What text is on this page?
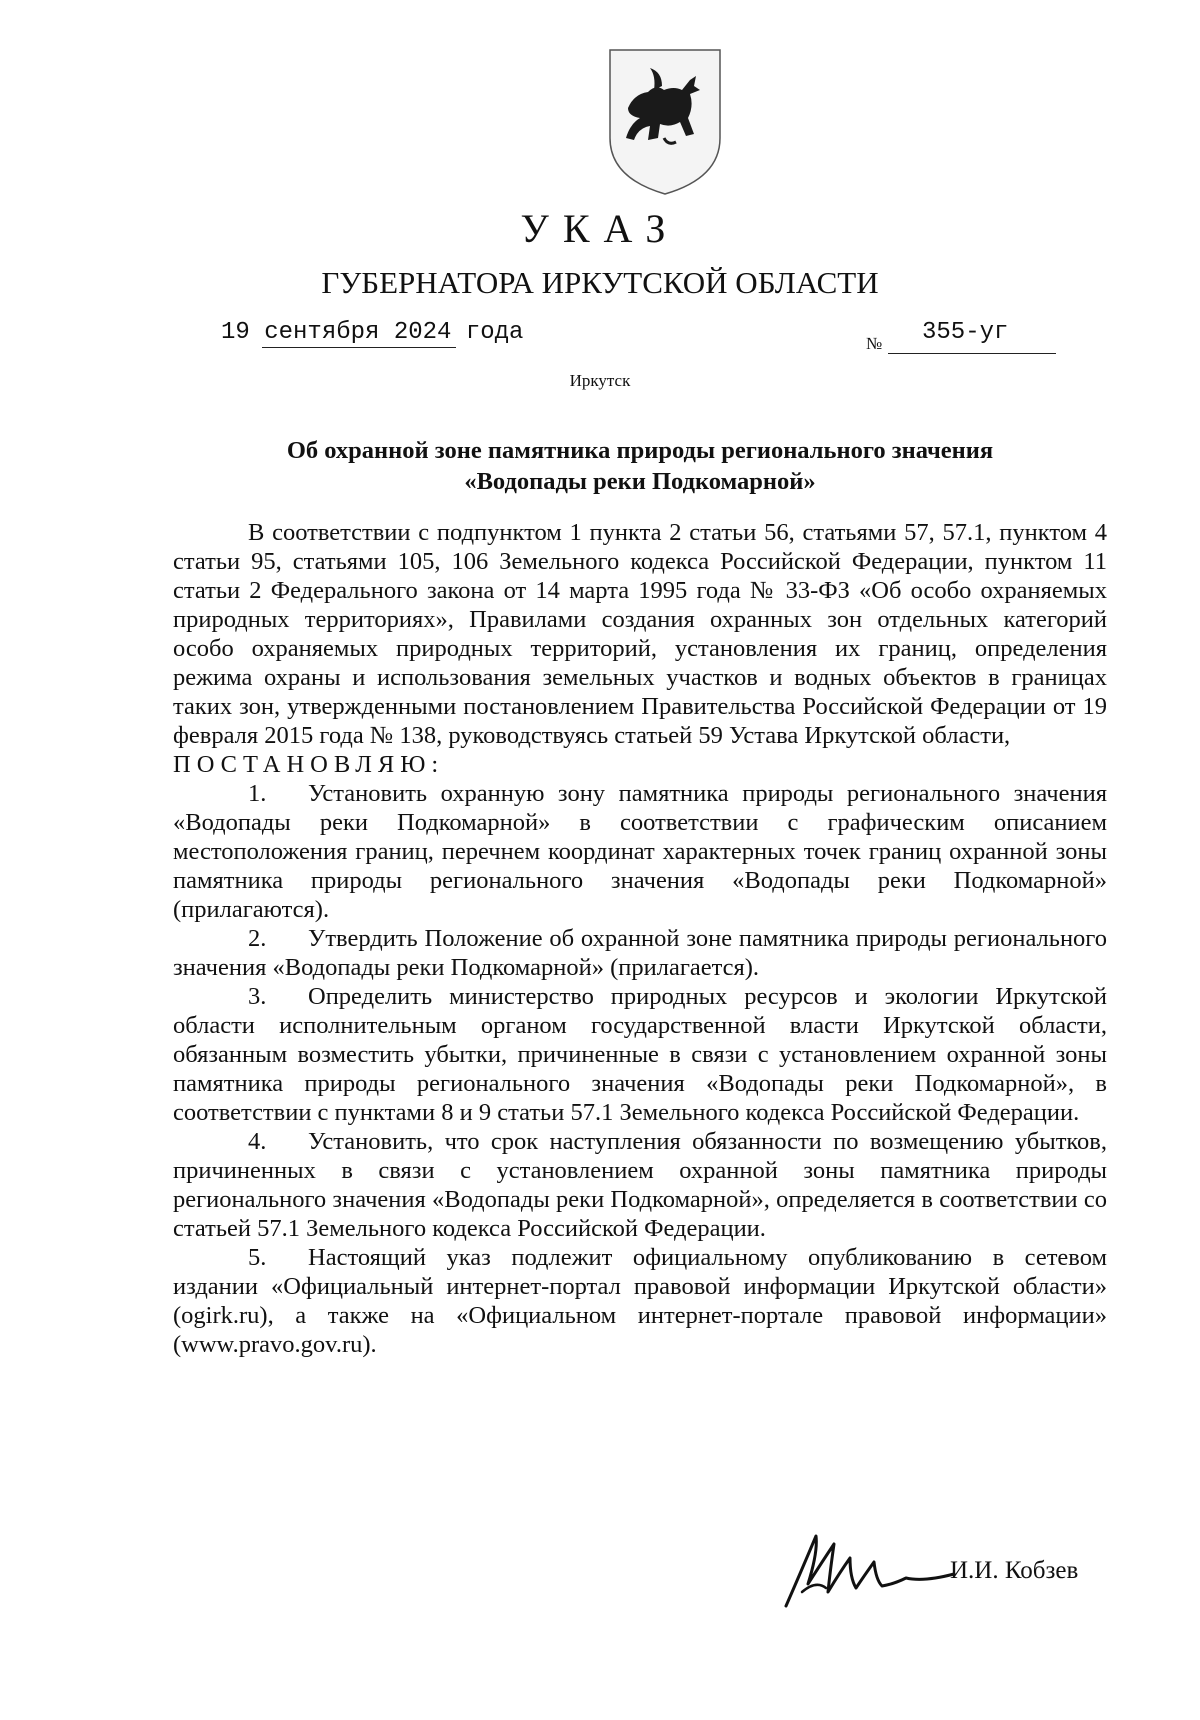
УКАЗ
ГУБЕРНАТОРА ИРКУТСКОЙ ОБЛАСТИ
19 сентября 2024 года	№ 355-уг
Иркутск
Об охранной зоне памятника природы регионального значения
«Водопады реки Подкомарной»

В соответствии с подпунктом 1 пункта 2 статьи 56, статьями 57, 57.1, пунктом 4 статьи 95, статьями 105, 106 Земельного кодекса Российской Федерации, пунктом 11 статьи 2 Федерального закона от 14 марта 1995 года № 33-ФЗ «Об особо охраняемых природных территориях», Правилами создания охранных зон отдельных категорий особо охраняемых природных территорий, установления их границ, определения режима охраны и использования земельных участков и водных объектов в границах таких зон, утвержденными постановлением Правительства Российской Федерации от 19 февраля 2015 года № 138, руководствуясь статьей 59 Устава Иркутской области,

ПОСТАНОВЛЯЮ:

1. Установить охранную зону памятника природы регионального значения «Водопады реки Подкомарной» в соответствии с графическим описанием местоположения границ, перечнем координат характерных точек границ охранной зоны памятника природы регионального значения «Водопады реки Подкомарной» (прилагаются).

2. Утвердить Положение об охранной зоне памятника природы регионального значения «Водопады реки Подкомарной» (прилагается).

3. Определить министерство природных ресурсов и экологии Иркутской области исполнительным органом государственной власти Иркутской области, обязанным возместить убытки, причиненные в связи с установлением охранной зоны памятника природы регионального значения «Водопады реки Подкомарной», в соответствии с пунктами 8 и 9 статьи 57.1 Земельного кодекса Российской Федерации.

4. Установить, что срок наступления обязанности по возмещению убытков, причиненных в связи с установлением охранной зоны памятника природы регионального значения «Водопады реки Подкомарной», определяется в соответствии со статьей 57.1 Земельного кодекса Российской Федерации.

5. Настоящий указ подлежит официальному опубликованию в сетевом издании «Официальный интернет-портал правовой информации Иркутской области» (ogirk.ru), а также на «Официальном интернет-портале правовой информации» (www.pravo.gov.ru).

И.И. Кобзев
